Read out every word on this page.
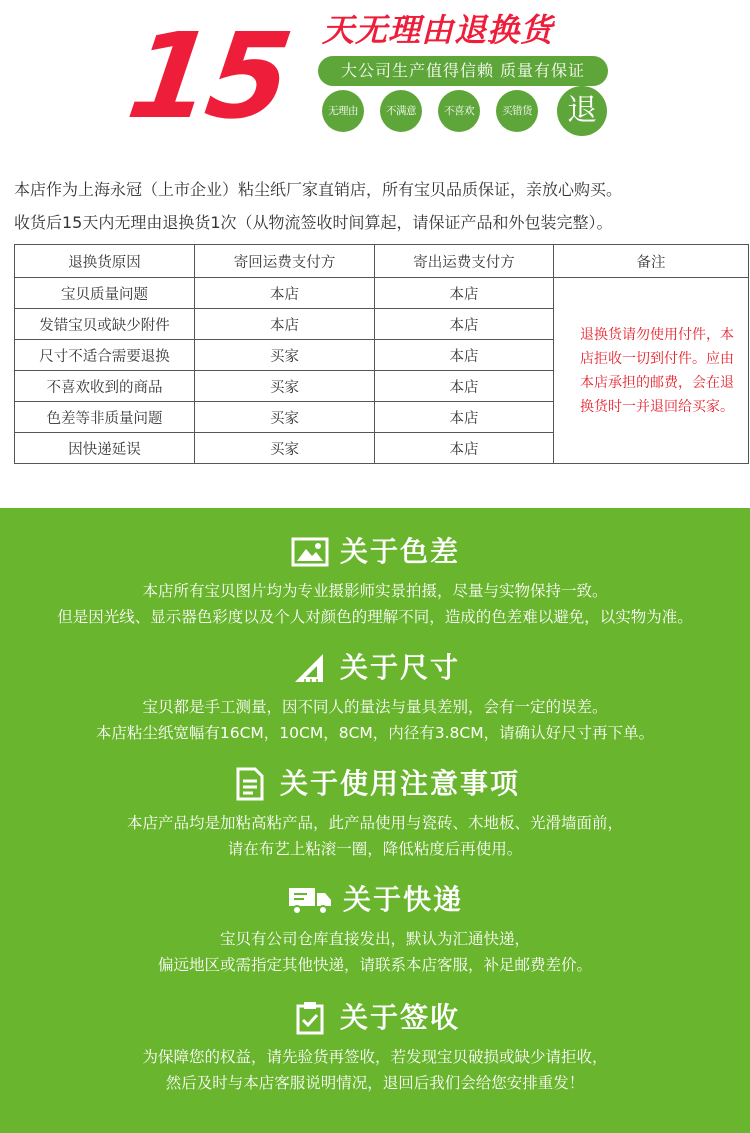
15 天无理由退换货
大公司生产值得信赖 质量有保证
无理由	不满意	不喜欢	买错货	退
本店作为上海永冠（上市企业）粘尘纸厂家直销店，所有宝贝品质保证，亲放心购买。
收货后15天内无理由退换货1次（从物流签收时间算起，请保证产品和外包装完整）。
退换货原因	寄回运费支付方	寄出运费支付方	备注
宝贝质量问题	本店	本店	退换货请勿使用付件，本店拒收一切到付件。应由本店承担的邮费，会在退换货时一并退回给买家。
发错宝贝或缺少附件	本店	本店	
尺寸不适合需要退换	买家	本店	
不喜欢收到的商品	买家	本店	
色差等非质量问题	买家	本店	
因快递延误	买家	本店	
关于色差
本店所有宝贝图片均为专业摄影师实景拍摄，尽量与实物保持一致。
但是因光线、显示器色彩度以及个人对颜色的理解不同，造成的色差难以避免，以实物为准。
关于尺寸
宝贝都是手工测量，因不同人的量法与量具差别，会有一定的误差。
本店粘尘纸宽幅有16CM，10CM，8CM，内径有3.8CM，请确认好尺寸再下单。
关于使用注意事项
本店产品均是加粘高粘产品，此产品使用与瓷砖、木地板、光滑墙面前，
请在布艺上粘滚一圈，降低粘度后再使用。
关于快递
宝贝有公司仓库直接发出，默认为汇通快递，
偏远地区或需指定其他快递，请联系本店客服，补足邮费差价。
关于签收
为保障您的权益，请先验货再签收，若发现宝贝破损或缺少请拒收，
然后及时与本店客服说明情况，退回后我们会给您安排重发！
